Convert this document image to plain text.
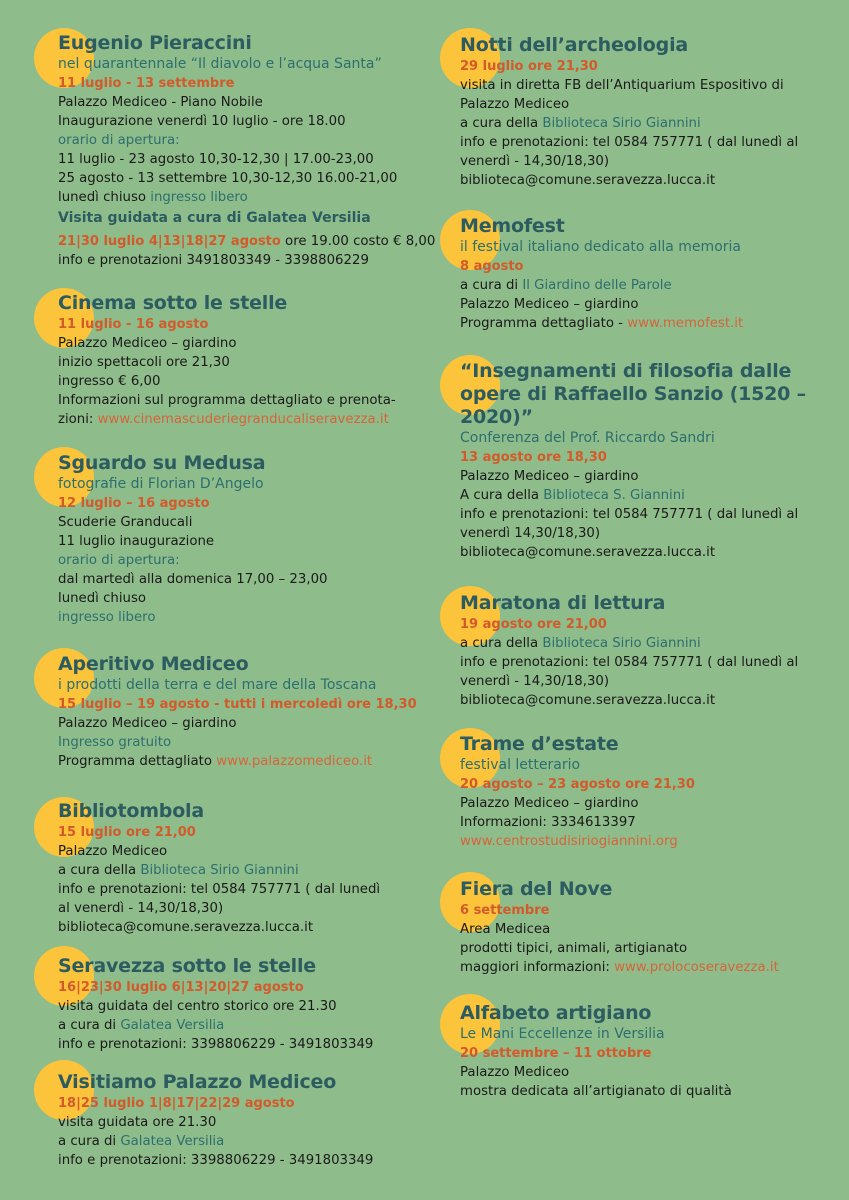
Eugenio Pieraccini
nel quarantennale “Il diavolo e l’acqua Santa”
11 luglio - 13 settembre
Palazzo Mediceo - Piano Nobile
Inaugurazione venerdì 10 luglio - ore 18.00
orario di apertura:
11 luglio - 23 agosto 10,30-12,30 | 17.00-23,00
25 agosto - 13 settembre 10,30-12,30 16.00-21,00
lunedì chiuso ingresso libero
Visita guidata a cura di Galatea Versilia
21|30 luglio 4|13|18|27 agosto ore 19.00 costo € 8,00
info e prenotazioni 3491803349 - 3398806229
Cinema sotto le stelle
11 luglio - 16 agosto
Palazzo Mediceo – giardino
inizio spettacoli ore 21,30
ingresso € 6,00
Informazioni sul programma dettagliato e prenota-
zioni: www.cinemascuderiegranducaliseravezza.it
Sguardo su Medusa
fotografie di Florian D’Angelo
12 luglio – 16 agosto
Scuderie Granducali
11 luglio inaugurazione
orario di apertura:
dal martedì alla domenica 17,00 – 23,00
lunedì chiuso
ingresso libero
Aperitivo Mediceo
i prodotti della terra e del mare della Toscana
15 luglio – 19 agosto - tutti i mercoledì ore 18,30
Palazzo Mediceo – giardino
Ingresso gratuito
Programma dettagliato www.palazzomediceo.it
Bibliotombola
15 luglio ore 21,00
Palazzo Mediceo
a cura della Biblioteca Sirio Giannini
info e prenotazioni: tel 0584 757771 ( dal lunedì
al venerdì - 14,30/18,30)
biblioteca@comune.seravezza.lucca.it
Seravezza sotto le stelle
16|23|30 luglio 6|13|20|27 agosto
visita guidata del centro storico ore 21.30
a cura di Galatea Versilia
info e prenotazioni: 3398806229 - 3491803349
Visitiamo Palazzo Mediceo
18|25 luglio 1|8|17|22|29 agosto
visita guidata ore 21.30
a cura di Galatea Versilia
info e prenotazioni: 3398806229 - 3491803349
Notti dell’archeologia
29 luglio ore 21,30
visita in diretta FB dell’Antiquarium Espositivo di
Palazzo Mediceo
a cura della Biblioteca Sirio Giannini
info e prenotazioni: tel 0584 757771 ( dal lunedì al
venerdì - 14,30/18,30)
biblioteca@comune.seravezza.lucca.it
Memofest
il festival italiano dedicato alla memoria
8 agosto
a cura di Il Giardino delle Parole
Palazzo Mediceo – giardino
Programma dettagliato - www.memofest.it
“Insegnamenti di filosofia dalle
opere di Raffaello Sanzio (1520 –
2020)”
Conferenza del Prof. Riccardo Sandri
13 agosto ore 18,30
Palazzo Mediceo – giardino
A cura della Biblioteca S. Giannini
info e prenotazioni: tel 0584 757771 ( dal lunedì al
venerdì 14,30/18,30)
biblioteca@comune.seravezza.lucca.it
Maratona di lettura
19 agosto ore 21,00
a cura della Biblioteca Sirio Giannini
info e prenotazioni: tel 0584 757771 ( dal lunedì al
venerdì - 14,30/18,30)
biblioteca@comune.seravezza.lucca.it
Trame d’estate
festival letterario
20 agosto – 23 agosto ore 21,30
Palazzo Mediceo – giardino
Informazioni: 3334613397
www.centrostudisiriogiannini.org
Fiera del Nove
6 settembre
Area Medicea
prodotti tipici, animali, artigianato
maggiori informazioni: www.prolocoseravezza.it
Alfabeto artigiano
Le Mani Eccellenze in Versilia
20 settembre – 11 ottobre
Palazzo Mediceo
mostra dedicata all’artigianato di qualità
